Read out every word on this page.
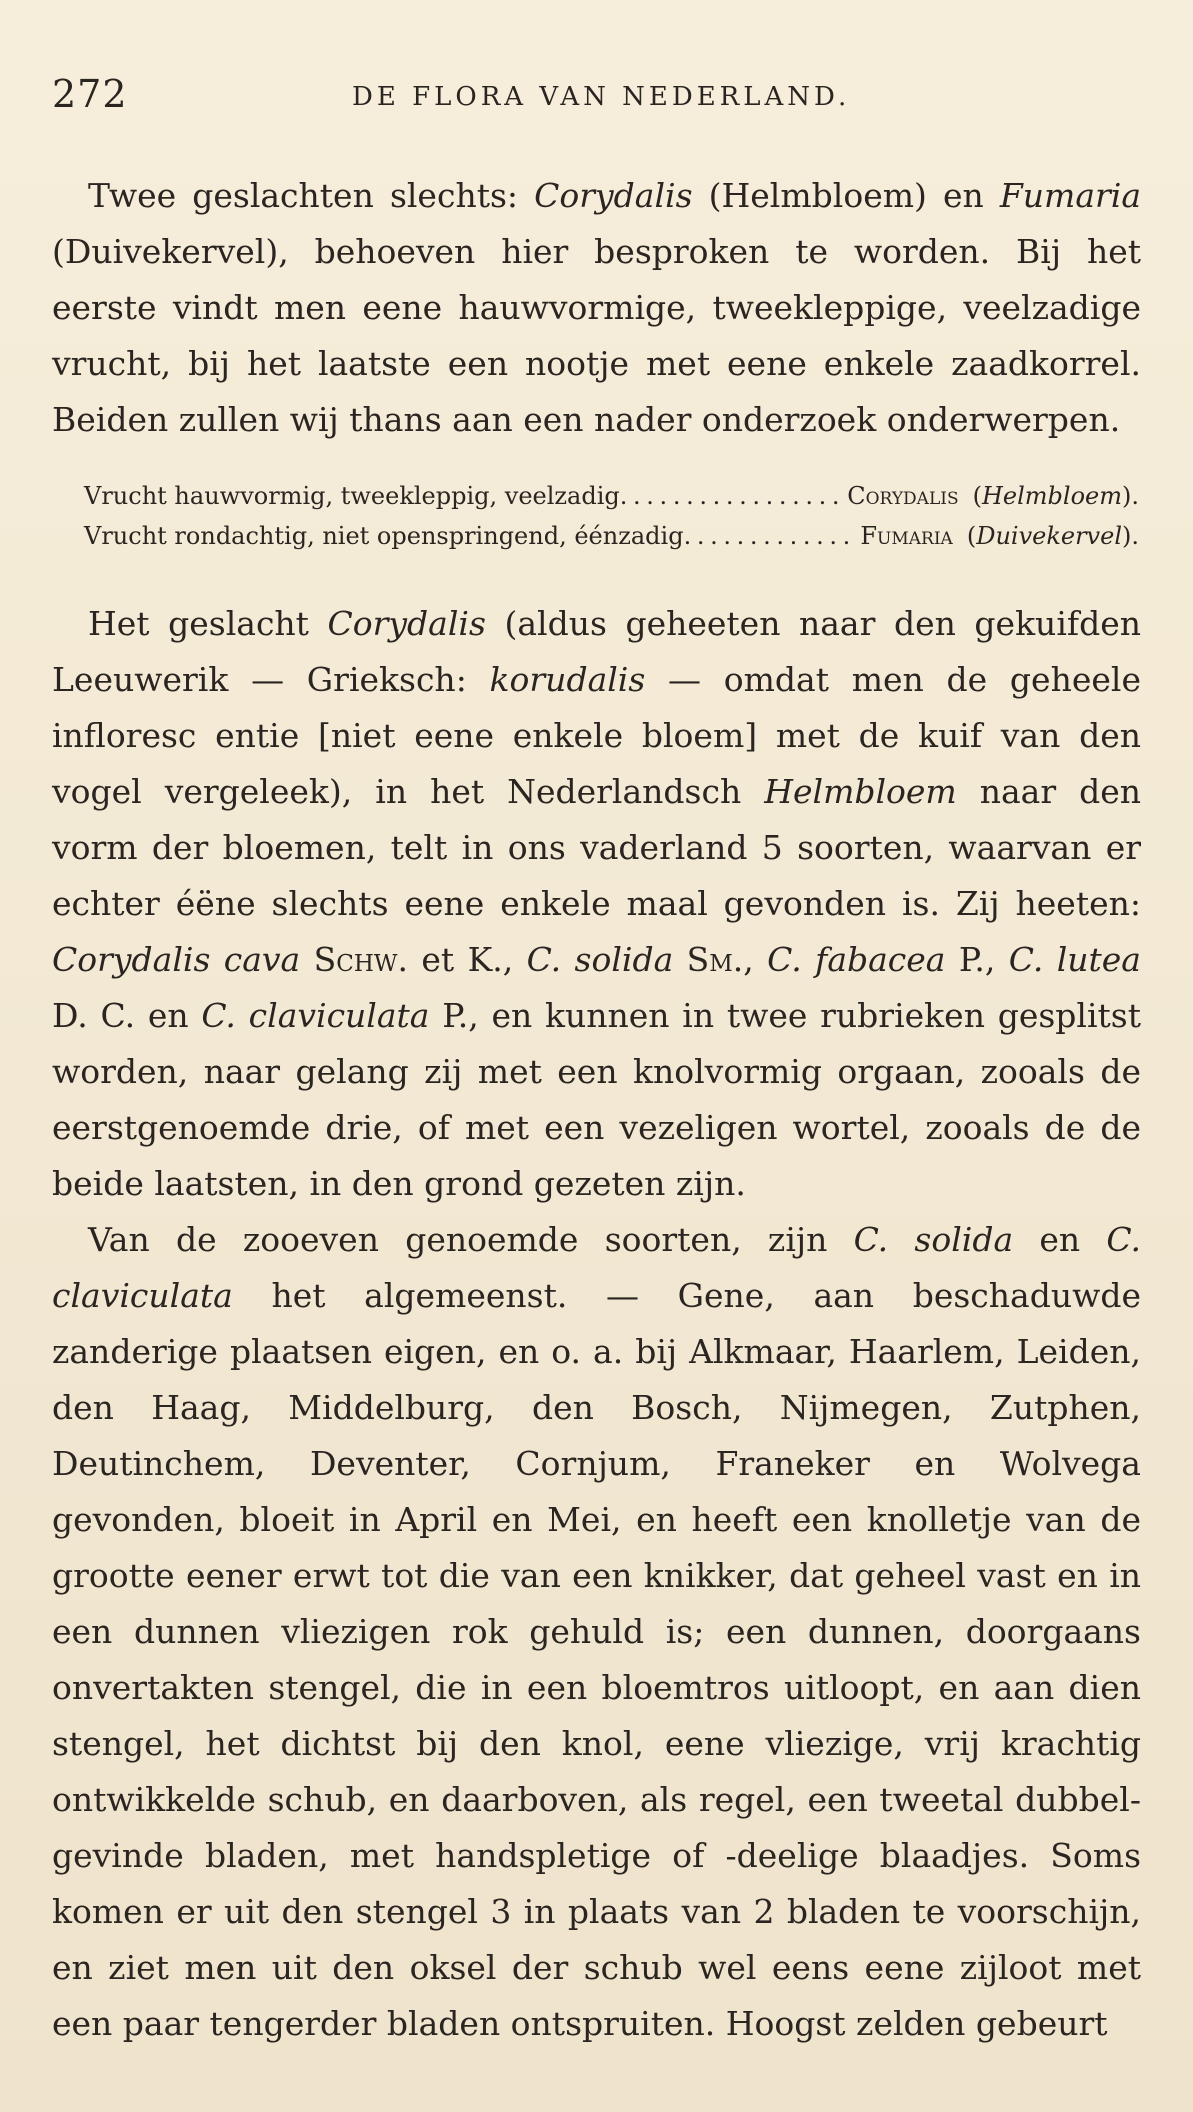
272	DE FLORA VAN NEDERLAND.

Twee geslachten slechts: Corydalis (Helmbloem) en Fumaria (Duivekervel), behoeven hier besproken te worden. Bij het eerste vindt men eene hauwvormige, tweekleppige, veelzadige vrucht, bij het laatste een nootje met eene enkele zaadkorrel. Beiden zullen wij thans aan een nader onderzoek onderwerpen.

Vrucht hauwvormig, tweekleppig, veelzadig . . .	Corydalis ( Helmbloem ).
Vrucht rondachtig, niet openspringend, éénzadig . . .	Fumaria ( Duivekervel ).

Het geslacht Corydalis (aldus geheeten naar den gekuifden Leeuwerik — Grieksch: korudalis — omdat men de geheele infloresc entie [niet eene enkele bloem] met de kuif van den vogel vergeleek), in het Nederlandsch Helmbloem naar den vorm der bloemen, telt in ons vaderland 5 soorten, waarvan er echter éëne slechts eene enkele maal gevonden is. Zij heeten: Corydalis cava Schw. et K., C. solida Sm., C. fabacea P., C. lutea D. C. en C. claviculata P., en kunnen in twee rubrieken gesplitst worden, naar gelang zij met een knolvormig orgaan, zooals de eerstgenoemde drie, of met een vezeligen wortel, zooals de de beide laatsten, in den grond gezeten zijn.

Van de zooeven genoemde soorten, zijn C. solida en C. claviculata het algemeenst. — Gene, aan beschaduwde zanderige plaatsen eigen, en o. a. bij Alkmaar, Haarlem, Leiden, den Haag, Middelburg, den Bosch, Nijmegen, Zutphen, Deutinchem, Deventer, Cornjum, Franeker en Wolvega gevonden, bloeit in April en Mei, en heeft een knolletje van de grootte eener erwt tot die van een knikker, dat geheel vast en in een dunnen vliezigen rok gehuld is; een dunnen, doorgaans onvertakten stengel, die in een bloemtros uitloopt, en aan dien stengel, het dichtst bij den knol, eene vliezige, vrij krachtig ontwikkelde schub, en daarboven, als regel, een tweetal dubbel-gevinde bladen, met handspletige of -deelige blaadjes. Soms komen er uit den stengel 3 in plaats van 2 bladen te voorschijn, en ziet men uit den oksel der schub wel eens eene zijloot met een paar tengerder bladen ontspruiten. Hoogst zelden gebeurt
